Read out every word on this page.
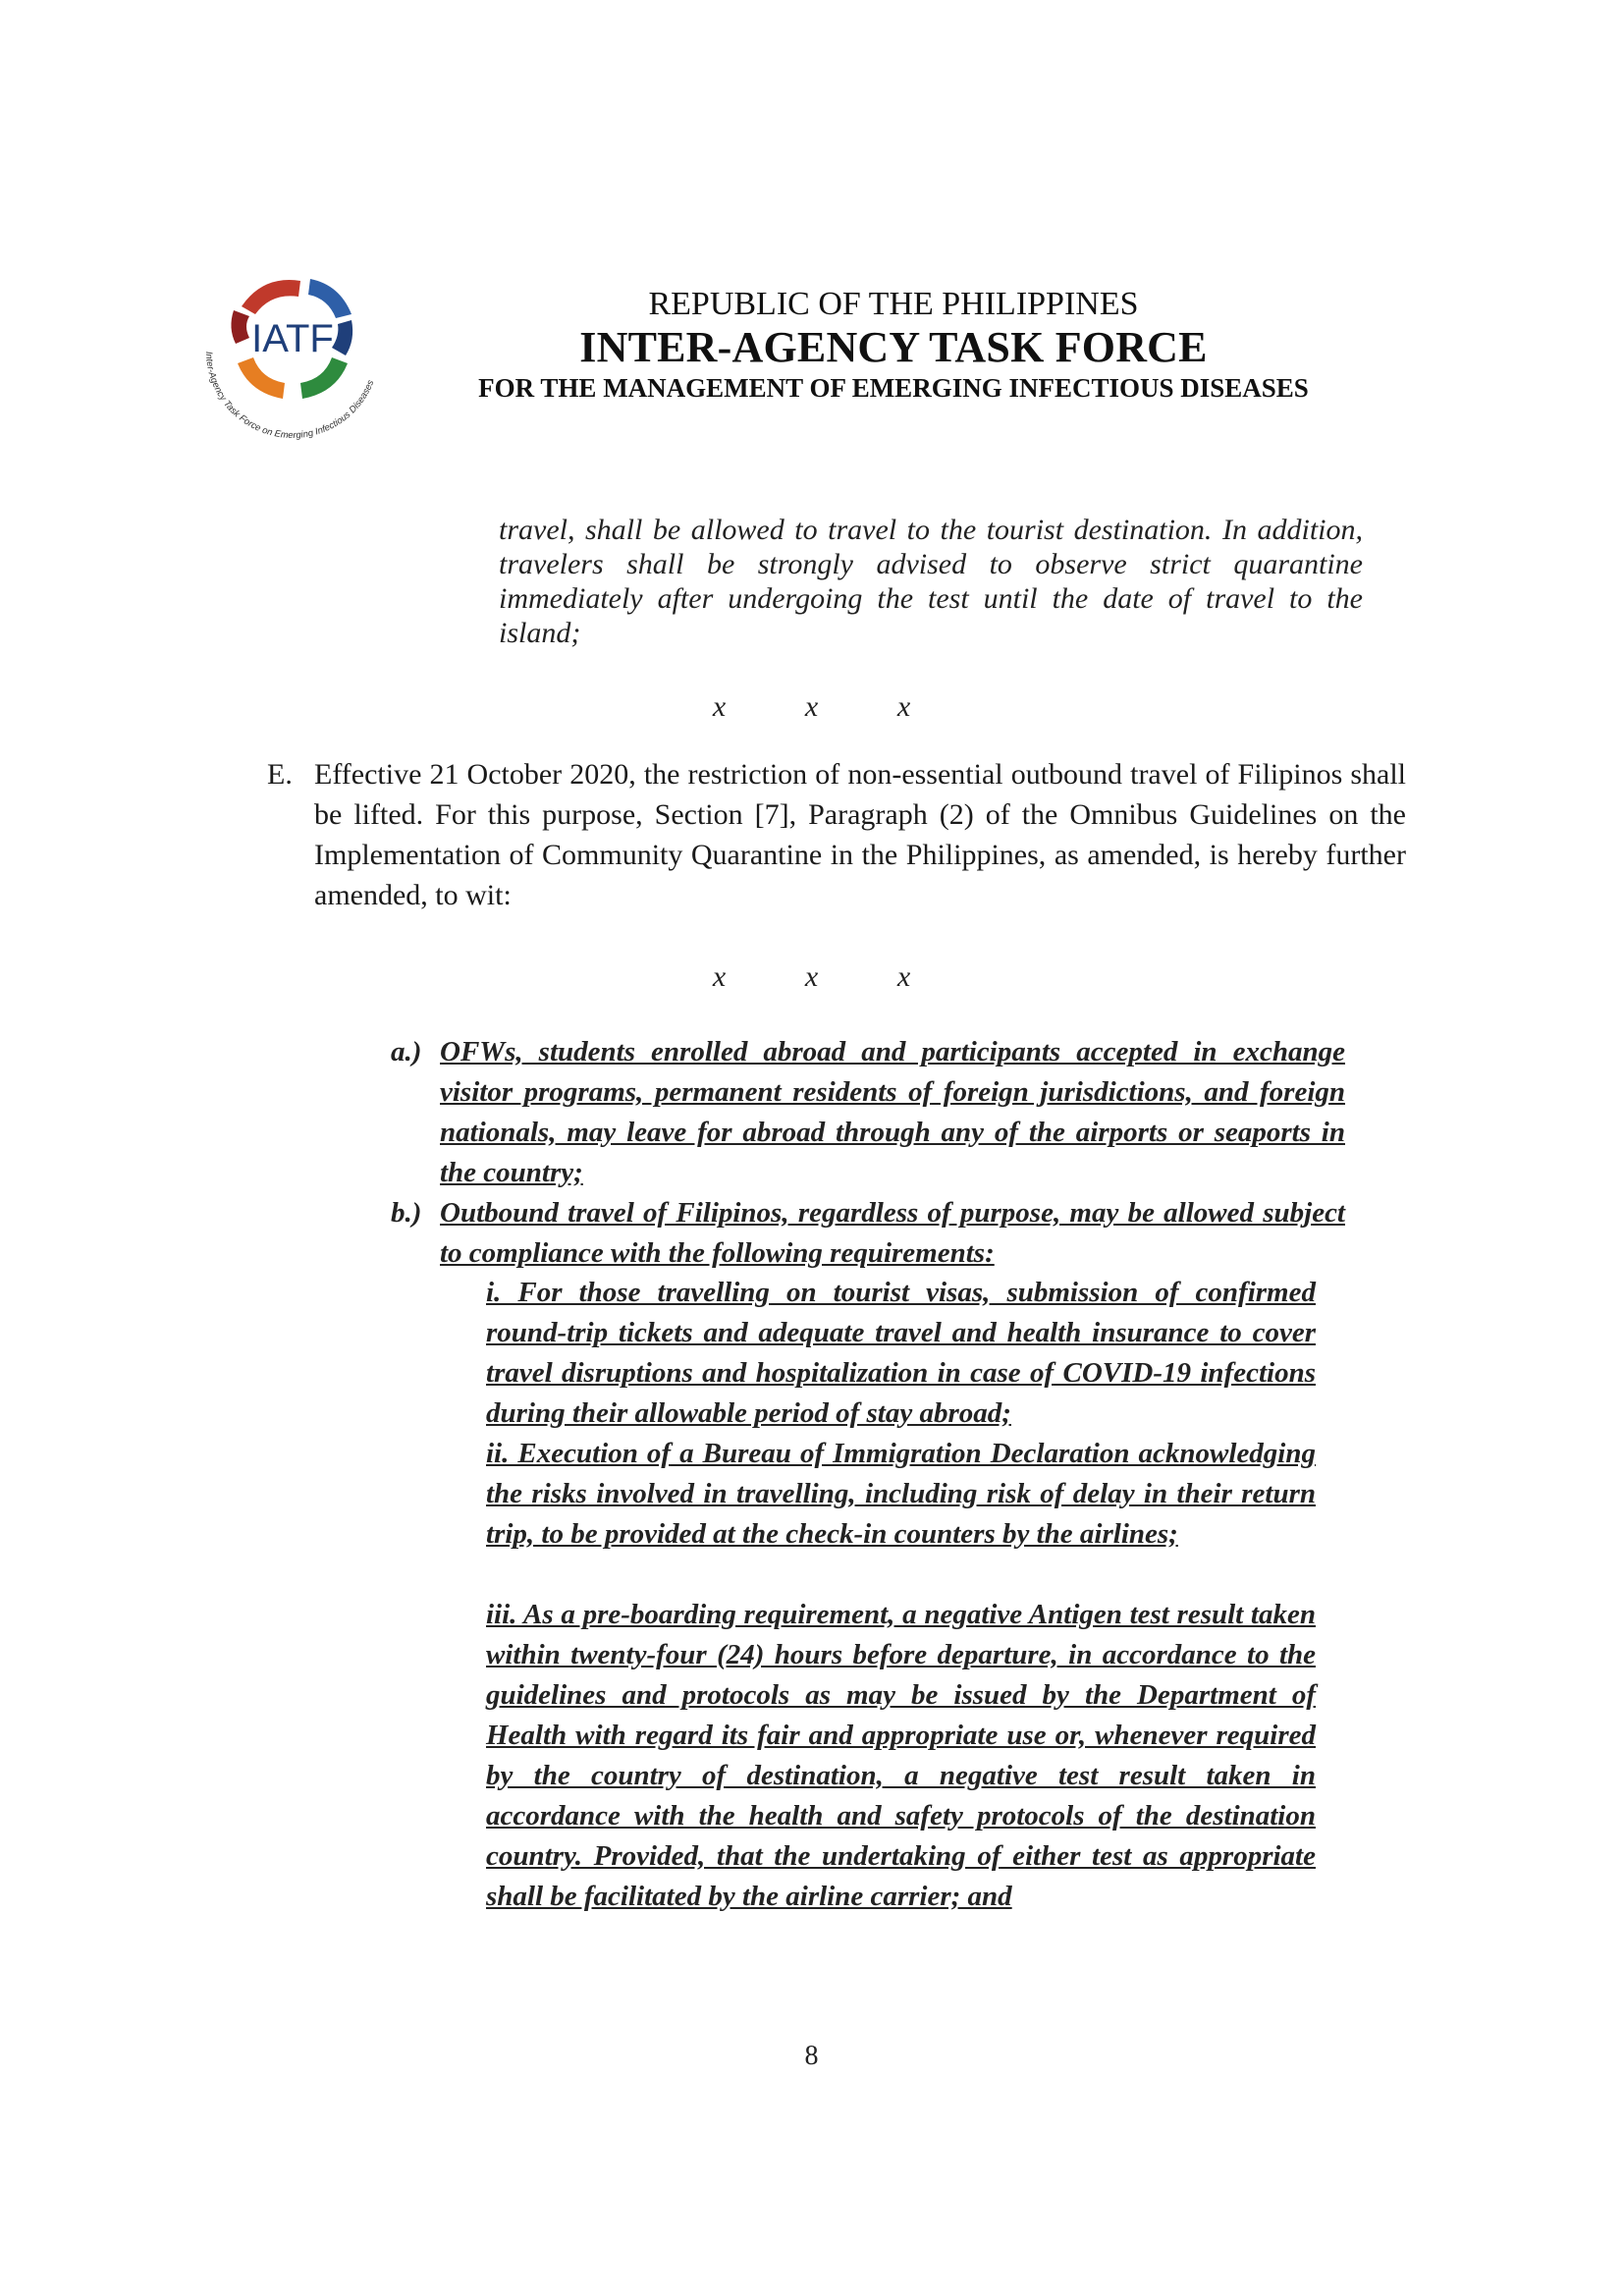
IATF
Inter-Agency Task Force on Emerging Infectious Diseases
REPUBLIC OF THE PHILIPPINES
INTER-AGENCY TASK FORCE
FOR THE MANAGEMENT OF EMERGING INFECTIOUS DISEASES
travel, shall be allowed to travel to the tourist destination. In addition, travelers shall be strongly advised to observe strict quarantine immediately after undergoing the test until the date of travel to the island;
x	x	x
E. Effective 21 October 2020, the restriction of non-essential outbound travel of Filipinos shall be lifted. For this purpose, Section [7], Paragraph (2) of the Omnibus Guidelines on the Implementation of Community Quarantine in the Philippines, as amended, is hereby further amended, to wit:
x	x	x
a.) OFWs, students enrolled abroad and participants accepted in exchange visitor programs, permanent residents of foreign jurisdictions, and foreign nationals, may leave for abroad through any of the airports or seaports in the country;
b.) Outbound travel of Filipinos, regardless of purpose, may be allowed subject to compliance with the following requirements:
i. For those travelling on tourist visas, submission of confirmed round-trip tickets and adequate travel and health insurance to cover travel disruptions and hospitalization in case of COVID-19 infections during their allowable period of stay abroad;
ii. Execution of a Bureau of Immigration Declaration acknowledging the risks involved in travelling, including risk of delay in their return trip, to be provided at the check-in counters by the airlines;
iii. As a pre-boarding requirement, a negative Antigen test result taken within twenty-four (24) hours before departure, in accordance to the guidelines and protocols as may be issued by the Department of Health with regard its fair and appropriate use or, whenever required by the country of destination, a negative test result taken in accordance with the health and safety protocols of the destination country. Provided, that the undertaking of either test as appropriate shall be facilitated by the airline carrier; and
8
